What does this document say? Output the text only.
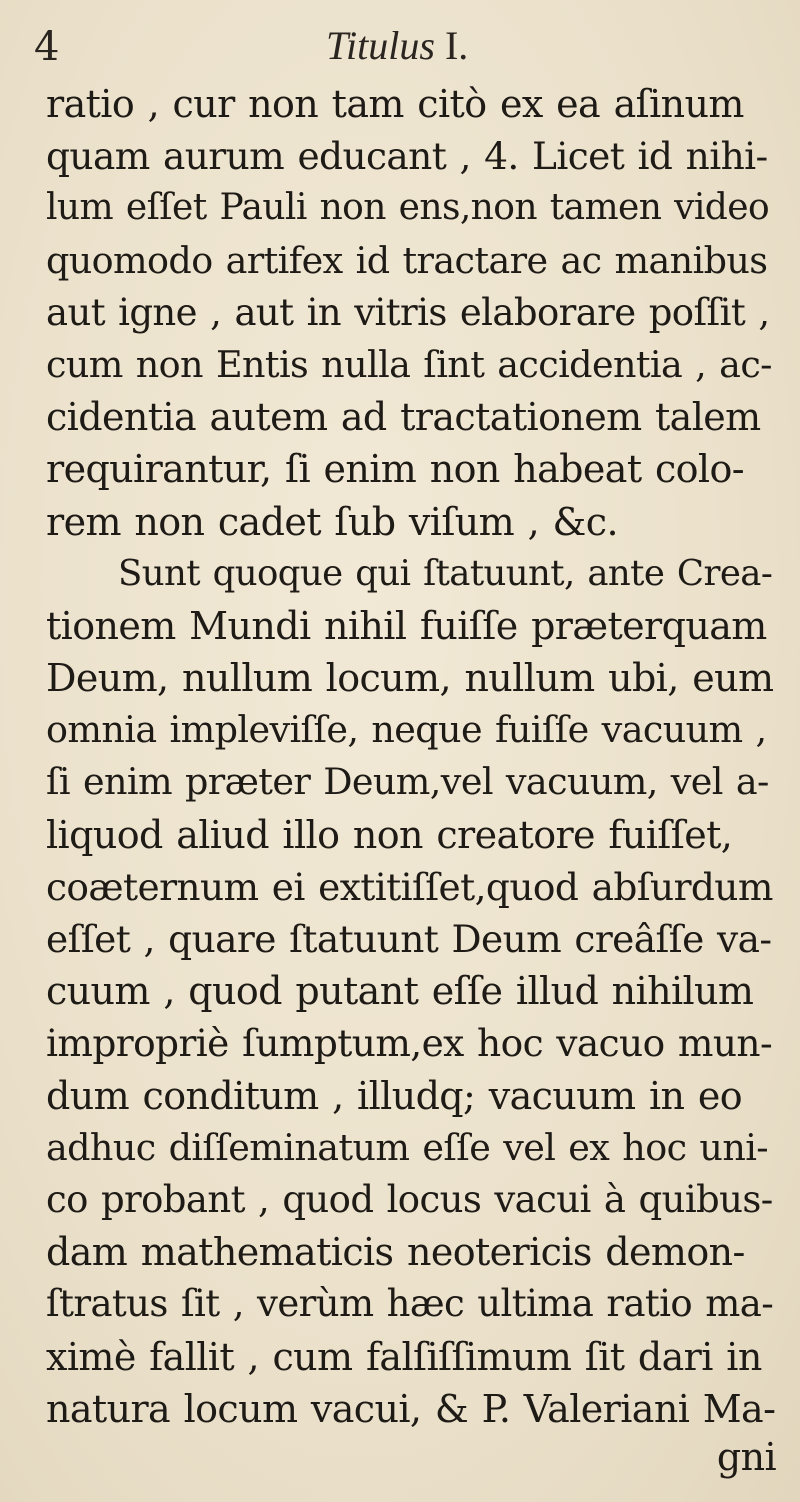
4	Titulus I.
ratio , cur non tam citò ex ea aſinum
quam aurum educant , 4. Licet id nihi-
lum eſſet Pauli non ens,non tamen video
quomodo artifex id tractare ac manibus
aut igne , aut in vitris elaborare poſſit ,
cum non Entis nulla ſint accidentia , ac-
cidentia autem ad tractationem talem
requirantur, ſi enim non habeat colo-
rem non cadet ſub viſum , &c.
Sunt quoque qui ſtatuunt, ante Crea-
tionem Mundi nihil fuiſſe præterquam
Deum, nullum locum, nullum ubi, eum
omnia impleviſſe, neque fuiſſe vacuum ,
ſi enim præter Deum,vel vacuum, vel a-
liquod aliud illo non creatore fuiſſet,
coæternum ei extitiſſet,quod abſurdum
eſſet , quare ſtatuunt Deum creâſſe va-
cuum , quod putant eſſe illud nihilum
impropriè ſumptum,ex hoc vacuo mun-
dum conditum , illudq; vacuum in eo
adhuc diſſeminatum eſſe vel ex hoc uni-
co probant , quod locus vacui à quibus-
dam mathematicis neotericis demon-
ſtratus ſit , verùm hæc ultima ratio ma-
ximè fallit , cum falſiſſimum ſit dari in
natura locum vacui, & P. Valeriani Ma-
gni
